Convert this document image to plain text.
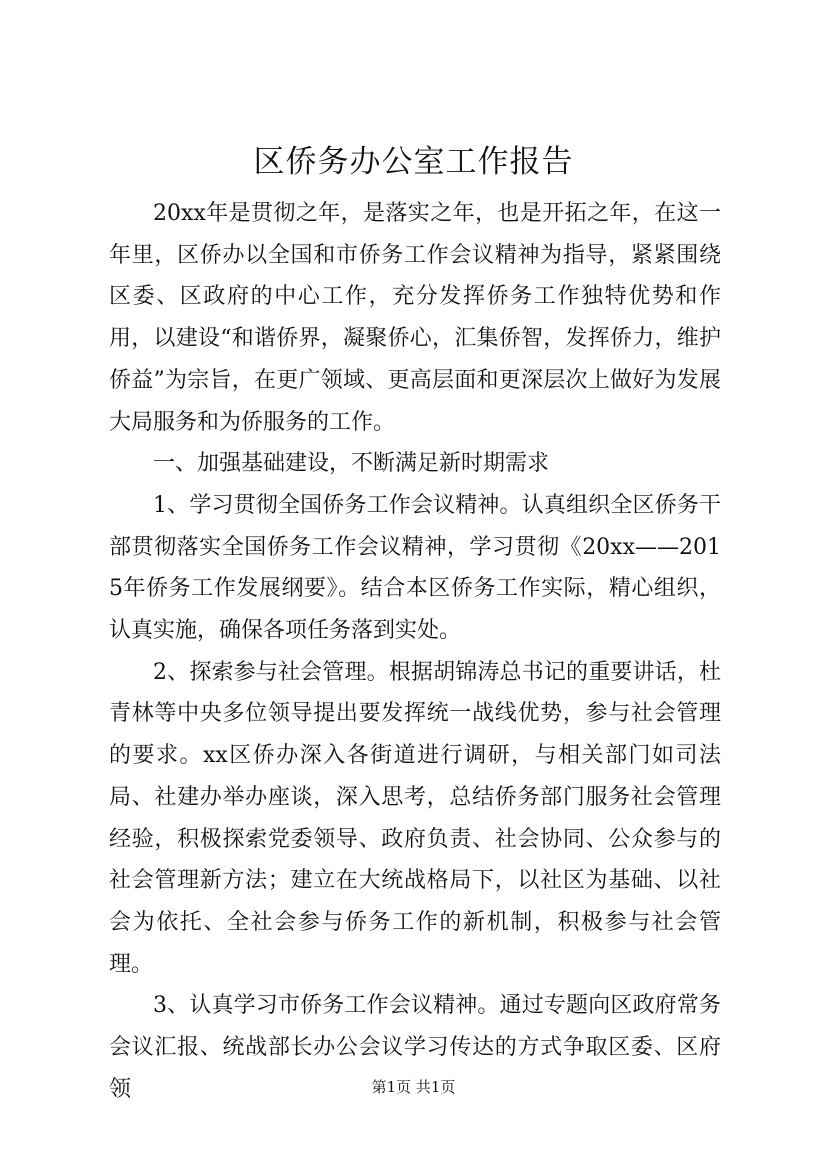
区侨务办公室工作报告

20xx年是贯彻之年，是落实之年，也是开拓之年，在这一年里，区侨办以全国和市侨务工作会议精神为指导，紧紧围绕区委、区政府的中心工作，充分发挥侨务工作独特优势和作用，以建设“和谐侨界，凝聚侨心，汇集侨智，发挥侨力，维护侨益”为宗旨，在更广领域、更高层面和更深层次上做好为发展大局服务和为侨服务的工作。

一、加强基础建设，不断满足新时期需求

1、学习贯彻全国侨务工作会议精神。认真组织全区侨务干部贯彻落实全国侨务工作会议精神，学习贯彻《20xx——2015年侨务工作发展纲要》。结合本区侨务工作实际，精心组织，认真实施，确保各项任务落到实处。

2、探索参与社会管理。根据胡锦涛总书记的重要讲话，杜青林等中央多位领导提出要发挥统一战线优势，参与社会管理的要求。xx区侨办深入各街道进行调研，与相关部门如司法局、社建办举办座谈，深入思考，总结侨务部门服务社会管理经验，积极探索党委领导、政府负责、社会协同、公众参与的社会管理新方法；建立在大统战格局下，以社区为基础、以社会为依托、全社会参与侨务工作的新机制，积极参与社会管理。

3、认真学习市侨务工作会议精神。通过专题向区政府常务会议汇报、统战部长办公会议学习传达的方式争取区委、区府领	第1页 共1页
